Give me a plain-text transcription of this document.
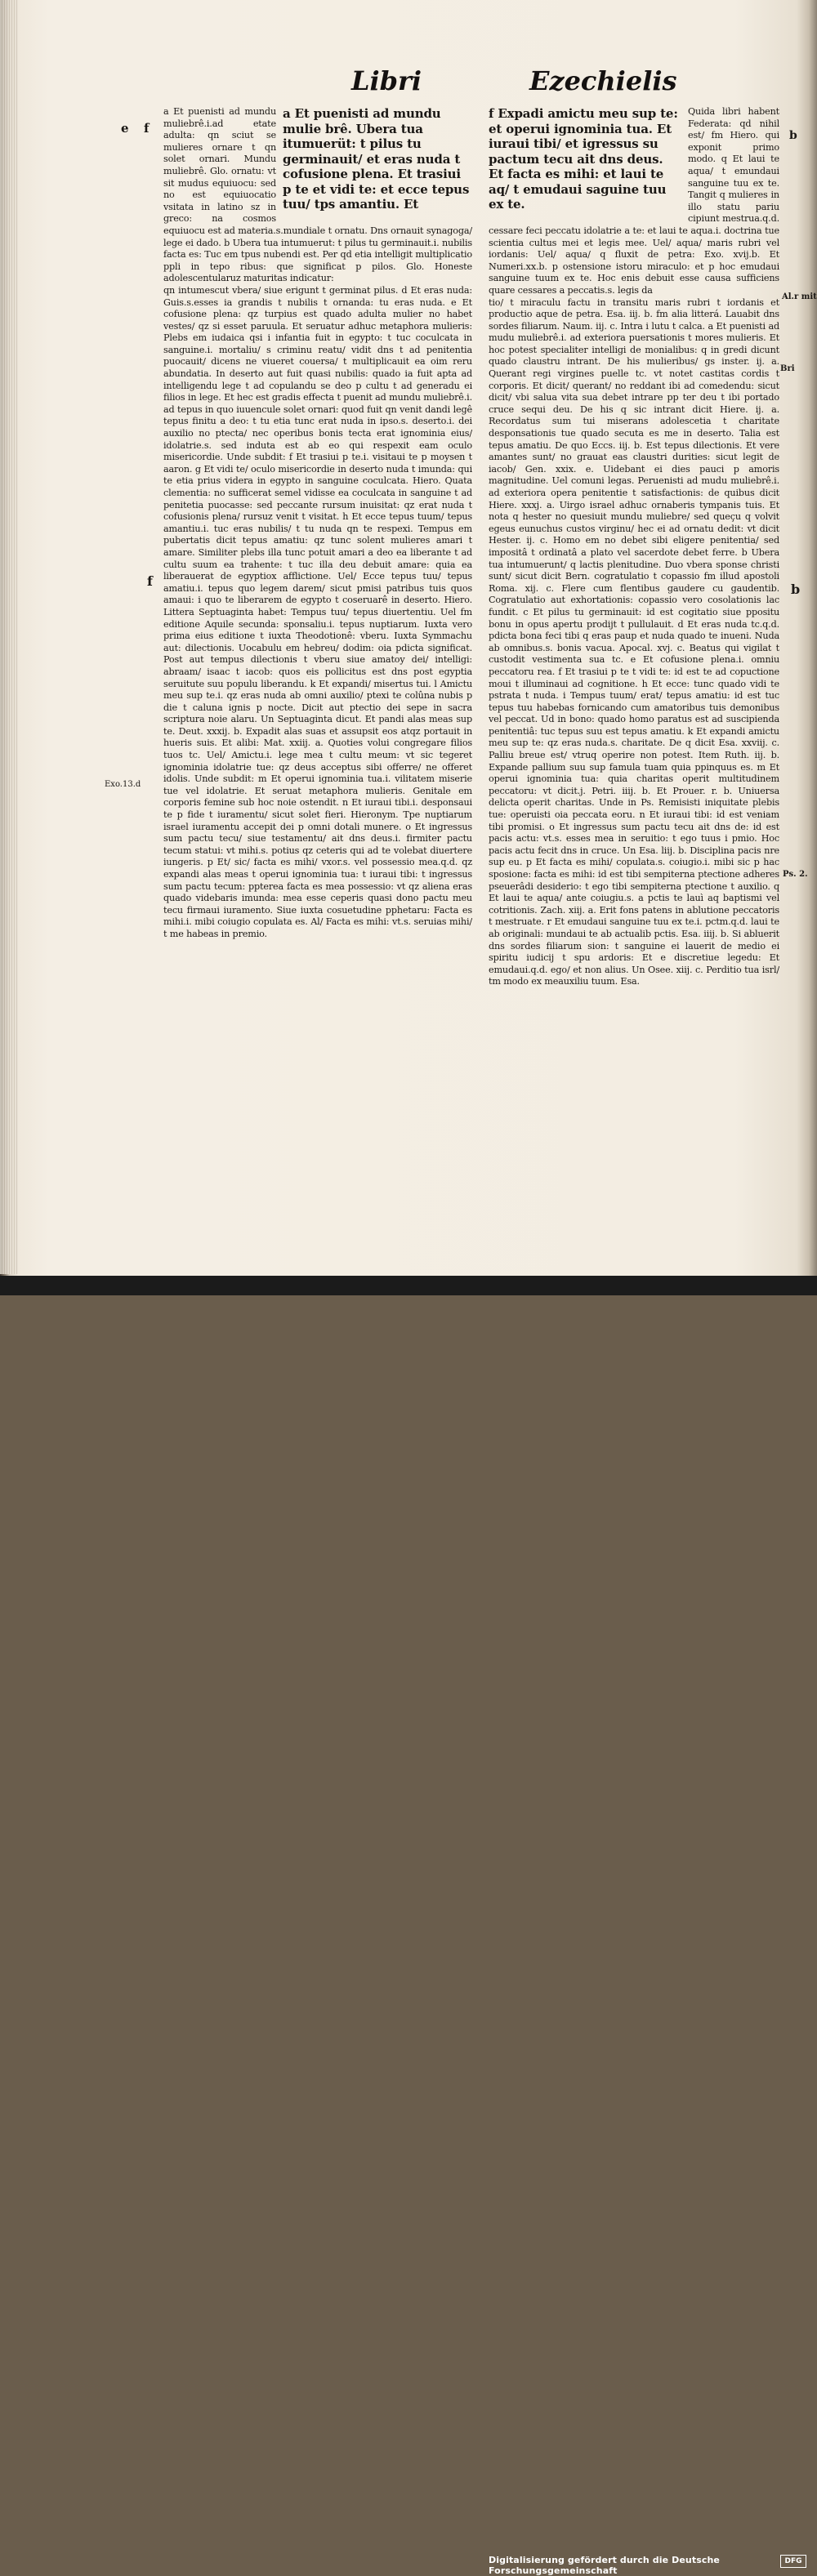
Libri	Ezechielis
e f
f
Exo.13.d
b
b
Al.r mit
Bri
Ps. 2.

a Et puenisti ad mundu mulie brê. Ubera tua itumuerüt: t pilus tu germinauit/ et eras nuda t cofusione plena. Et trasiui p te et vidi te: et ecce tepus tuu/ tps amantiu. Et
a Et puenisti ad mundu muliebrê.i.ad etate adulta: qn sciut se mulieres ornare t qn solet ornari. Mundu muliebrê. Glo. ornatu: vt sit mudus equiuocu: sed no est equiuocatio vsitata in latino sz in greco: na cosmos equiuocu est ad materia.s.mundiale t ornatu. Dns ornauit synagoga/ lege ei dado. b Ubera tua intumuerut: t pilus tu germinauit.i. nubilis facta es: Tuc em tpus nubendi est. Per qd etia intelligit multiplicatio ppli in tepo ribus: que significat p pilos. Glo. Honeste adolescentularuz maturitas indicatur:

qn intumescut vbera/ siue erigunt t germinat pilus. d Et eras nuda: Guis.s.esses ia grandis t nubilis t ornanda: tu eras nuda. e Et cofusione plena: qz turpius est quado adulta mulier no habet vestes/ qz si esset paruula. Et seruatur adhuc metaphora mulieris: Plebs em iudaica qsi i infantia fuit in egypto: t tuc coculcata in sanguine.i. mortaliu/ s criminu reatu/ vidit dns t ad penitentia puocauit/ dicens ne viueret couersa/ t multiplicauit ea oim reru abundatia. In deserto aut fuit quasi nubilis: quado ia fuit apta ad intelligendu lege t ad copulandu se deo p cultu t ad generadu ei filios in lege. Et hec est gradis effecta t puenit ad mundu muliebrê.i. ad tepus in quo iuuencule solet ornari: quod fuit qn venit dandi legê tepus finitu a deo: t tu etia tunc erat nuda in ipso.s. deserto.i. dei auxilio no ptecta/ nec operibus bonis tecta erat ignominia eius/ idolatrie.s. sed induta est ab eo qui respexit eam oculo misericordie. Unde subdit: f Et trasiui p te.i. visitaui te p moysen t aaron. g Et vidi te/ oculo misericordie in deserto nuda t imunda: qui te etia prius videra in egypto in sanguine coculcata. Hiero. Quata clementia: no sufficerat semel vidisse ea coculcata in sanguine t ad penitetia puocasse: sed peccante rursum inuisitat: qz erat nuda t cofusionis plena/ rursuz venit t visitat. h Et ecce tepus tuum/ tepus amantiu.i. tuc eras nubilis/ t tu nuda qn te respexi. Tempus em pubertatis dicit tepus amatiu: qz tunc solent mulieres amari t amare. Similiter plebs illa tunc potuit amari a deo ea liberante t ad cultu suum ea trahente: t tuc illa deu debuit amare: quia ea liberauerat de egyptiox afflictione. Uel/ Ecce tepus tuu/ tepus amatiu.i. tepus quo legem darem/ sicut pmisi patribus tuis quos amaui: i quo te liberarem de egypto t coseruarê in deserto. Hiero. Littera Septuaginta habet: Tempus tuu/ tepus diuertentiu. Uel fm editione Aquile secunda: sponsaliu.i. tepus nuptiarum. Iuxta vero prima eius editione t iuxta Theodotionê: vberu. Iuxta Symmachu aut: dilectionis. Uocabulu em hebreu/ dodim: oia pdicta significat. Post aut tempus dilectionis t vberu siue amatoy dei/ intelligi: abraam/ isaac t iacob: quos eis pollicitus est dns post egyptia seruitute suu populu liberandu. k Et expandi/ misertus tui. l Amictu meu sup te.i. qz eras nuda ab omni auxilio/ ptexi te colûna nubis p die t caluna ignis p nocte. Dicit aut ptectio dei sepe in sacra scriptura noie alaru. Un Septuaginta dicut. Et pandi alas meas sup te. Deut. xxxij. b. Expadit alas suas et assupsit eos atqz portauit in hueris suis. Et alibi: Mat. xxiij. a. Quoties volui congregare filios tuos tc. Uel/ Amictu.i. lege mea t cultu meum: vt sic tegeret ignominia idolatrie tue: qz deus acceptus sibi offerre/ ne offeret idolis. Unde subdit: m Et operui ignominia tua.i. vilitatem miserie tue vel idolatrie. Et seruat metaphora mulieris. Genitale em corporis femine sub hoc noie ostendit. n Et iuraui tibi.i. desponsaui te p fide t iuramentu/ sicut solet fieri. Hieronym. Tpe nuptiarum israel iuramentu accepit dei p omni dotali munere. o Et ingressus sum pactu tecu/ siue testamentu/ ait dns deus.i. firmiter pactu tecum statui: vt mihi.s. potius qz ceteris qui ad te volebat diuertere iungeris. p Et/ sic/ facta es mihi/ vxor.s. vel possessio mea.q.d. qz expandi alas meas t operui ignominia tua: t iuraui tibi: t ingressus sum pactu tecum: ppterea facta es mea possessio: vt qz aliena eras quado videbaris imunda: mea esse ceperis quasi dono pactu meu tecu firmaui iuramento. Siue iuxta cosuetudine pphetaru: Facta es mihi.i. mibi coiugio copulata es. Al/ Facta es mihi: vt.s. seruias mihi/ t me habeas in premio.

f Expadi amictu meu sup te: et operui ignominia tua. Et iuraui tibi/ et igressus su pactum tecu ait dns deus. Et facta es mihi: et laui te aq/ t emudaui saguine tuu ex te.
Quida libri habent Federata: qd nihil est/ fm Hiero. qui exponit primo modo. q Et laui te aqua/ t emundaui sanguine tuu ex te. Tangit q mulieres in illo statu pariu cipiunt mestrua.q.d. cessare feci peccatu idolatrie a te: et laui te aqua.i. doctrina tue scientia cultus mei et legis mee. Uel/ aqua/ maris rubri vel iordanis: Uel/ aqua/ q fluxit de petra: Exo. xvij.b. Et Numeri.xx.b. p ostensione istoru miraculo: et p hoc emudaui sanguine tuum ex te. Hoc enis debuit esse causa sufficiens quare cessares a peccatis.s. legis da

tio/ t miraculu factu in transitu maris rubri t iordanis et productio aque de petra. Esa. iij. b. fm alia litterá. Lauabit dns sordes filiarum. Naum. iij. c. Intra i lutu t calca. a Et puenisti ad mudu muliebrê.i. ad exteriora puersationis t mores mulieris. Et hoc potest specialiter intelligi de monialibus: q in gredi dicunt quado claustru intrant. De his mulieribus/ gs inster. ij. a. Querant regi virgines puelle tc. vt notet castitas cordis t corporis. Et dicit/ querant/ no reddant ibi ad comedendu: sicut dicit/ vbi salua vita sua debet intrare pp ter deu t ibi portado cruce sequi deu. De his q sic intrant dicit Hiere. ij. a. Recordatus sum tui miserans adolescetia t charitate desponsationis tue quado secuta es me in deserto. Talia est tepus amatiu. De quo Eccs. iij. b. Est tepus dilectionis. Et vere amantes sunt/ no grauat eas claustri durities: sicut legit de iacob/ Gen. xxix. e. Uidebant ei dies pauci p amoris magnitudine. Uel comuni legas. Peruenisti ad mudu muliebrê.i. ad exteriora opera penitentie t satisfactionis: de quibus dicit Hiere. xxxj. a. Uirgo israel adhuc ornaberis tympanis tuis. Et nota q hester no quesiuit mundu muliebre/ sed queçu q volvit egeus eunuchus custos virginu/ hec ei ad ornatu dedit: vt dicit Hester. ij. c. Homo em no debet sibi eligere penitentia/ sed impositâ t ordinatâ a plato vel sacerdote debet ferre. b Ubera tua intumuerunt/ q lactis plenitudine. Duo vbera sponse christi sunt/ sicut dicit Bern. cogratulatio t copassio fm illud apostoli Roma. xij. c. Flere cum flentibus gaudere cu gaudentib. Cogratulatio aut exhortationis: copassio vero cosolationis lac fundit. c Et pilus tu germinauit: id est cogitatio siue ppositu bonu in opus apertu prodijt t pullulauit. d Et eras nuda tc.q.d. pdicta bona feci tibi q eras paup et nuda quado te inueni. Nuda ab omnibus.s. bonis vacua. Apocal. xvj. c. Beatus qui vigilat t custodit vestimenta sua tc. e Et cofusione plena.i. omniu peccatoru rea. f Et trasiui p te t vidi te: id est te ad copuctione moui t illuminaui ad cognitione. h Et ecce: tunc quado vidi te pstrata t nuda. i Tempus tuum/ erat/ tepus amatiu: id est tuc tepus tuu habebas fornicando cum amatoribus tuis demonibus vel peccat. Ud in bono: quado homo paratus est ad suscipienda penitentiâ: tuc tepus suu est tepus amatiu. k Et expandi amictu meu sup te: qz eras nuda.s. charitate. De q dicit Esa. xxviij. c. Palliu breue est/ vtruq operire non potest. Item Ruth. iij. b. Expande pallium suu sup famula tuam quia ppinquus es. m Et operui ignominia tua: quia charitas operit multitudinem peccatoru: vt dicit.j. Petri. iiij. b. Et Prouer. r. b. Uniuersa delicta operit charitas. Unde in Ps. Remisisti iniquitate plebis tue: operuisti oia peccata eoru. n Et iuraui tibi: id est veniam tibi promisi. o Et ingressus sum pactu tecu ait dns de: id est pacis actu: vt.s. esses mea in seruitio: t ego tuus i pmio. Hoc pacis actu fecit dns in cruce. Un Esa. liij. b. Disciplina pacis nre sup eu. p Et facta es mihi/ copulata.s. coiugio.i. mibi sic p hac sposione: facta es mihi: id est tibi sempiterna ptectione adheres pseuerâdi desiderio: t ego tibi sempiterna ptectione t auxilio. q Et laui te aqua/ ante coiugiu.s. a pctis te lauì aq baptismi vel cotritionis. Zach. xiij. a. Erit fons patens in ablutione peccatoris t mestruate. r Et emudaui sanguine tuu ex te.i. pctm.q.d. laui te ab originali: mundaui te ab actualib pctis. Esa. iiij. b. Si abluerit dns sordes filiarum sion: t sanguine ei lauerit de medio ei spiritu iudicij t spu ardoris: Et e discretiue legedu: Et emudaui.q.d. ego/ et non alius. Un Osee. xiij. c. Perditio tua isrl/ tm modo ex meauxiliu tuum. Esa.

Digitalisierung gefördert durch die Deutsche Forschungsgemeinschaft
DFG
